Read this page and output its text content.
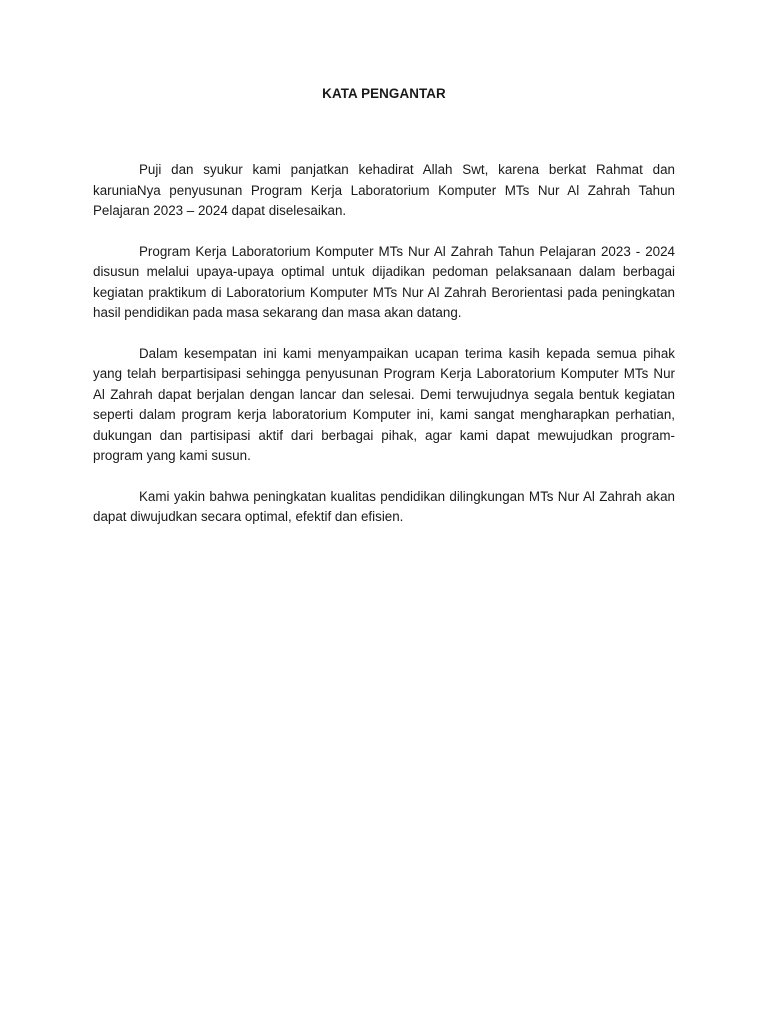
KATA PENGANTAR

Puji dan syukur kami panjatkan kehadirat Allah Swt, karena berkat Rahmat dan karuniaNya penyusunan Program Kerja Laboratorium Komputer MTs Nur Al Zahrah Tahun Pelajaran 2023 – 2024 dapat diselesaikan.

Program Kerja Laboratorium Komputer MTs Nur Al Zahrah Tahun Pelajaran 2023 - 2024 disusun melalui upaya-upaya optimal untuk dijadikan pedoman pelaksanaan dalam berbagai kegiatan praktikum di Laboratorium Komputer MTs Nur Al Zahrah Berorientasi pada peningkatan hasil pendidikan pada masa sekarang dan masa akan datang.

Dalam kesempatan ini kami menyampaikan ucapan terima kasih kepada semua pihak yang telah berpartisipasi sehingga penyusunan Program Kerja Laboratorium Komputer MTs Nur Al Zahrah dapat berjalan dengan lancar dan selesai. Demi terwujudnya segala bentuk kegiatan seperti dalam program kerja laboratorium Komputer ini, kami sangat mengharapkan perhatian, dukungan dan partisipasi aktif dari berbagai pihak, agar kami dapat mewujudkan program-program yang kami susun.

Kami yakin bahwa peningkatan kualitas pendidikan dilingkungan MTs Nur Al Zahrah akan dapat diwujudkan secara optimal, efektif dan efisien.
